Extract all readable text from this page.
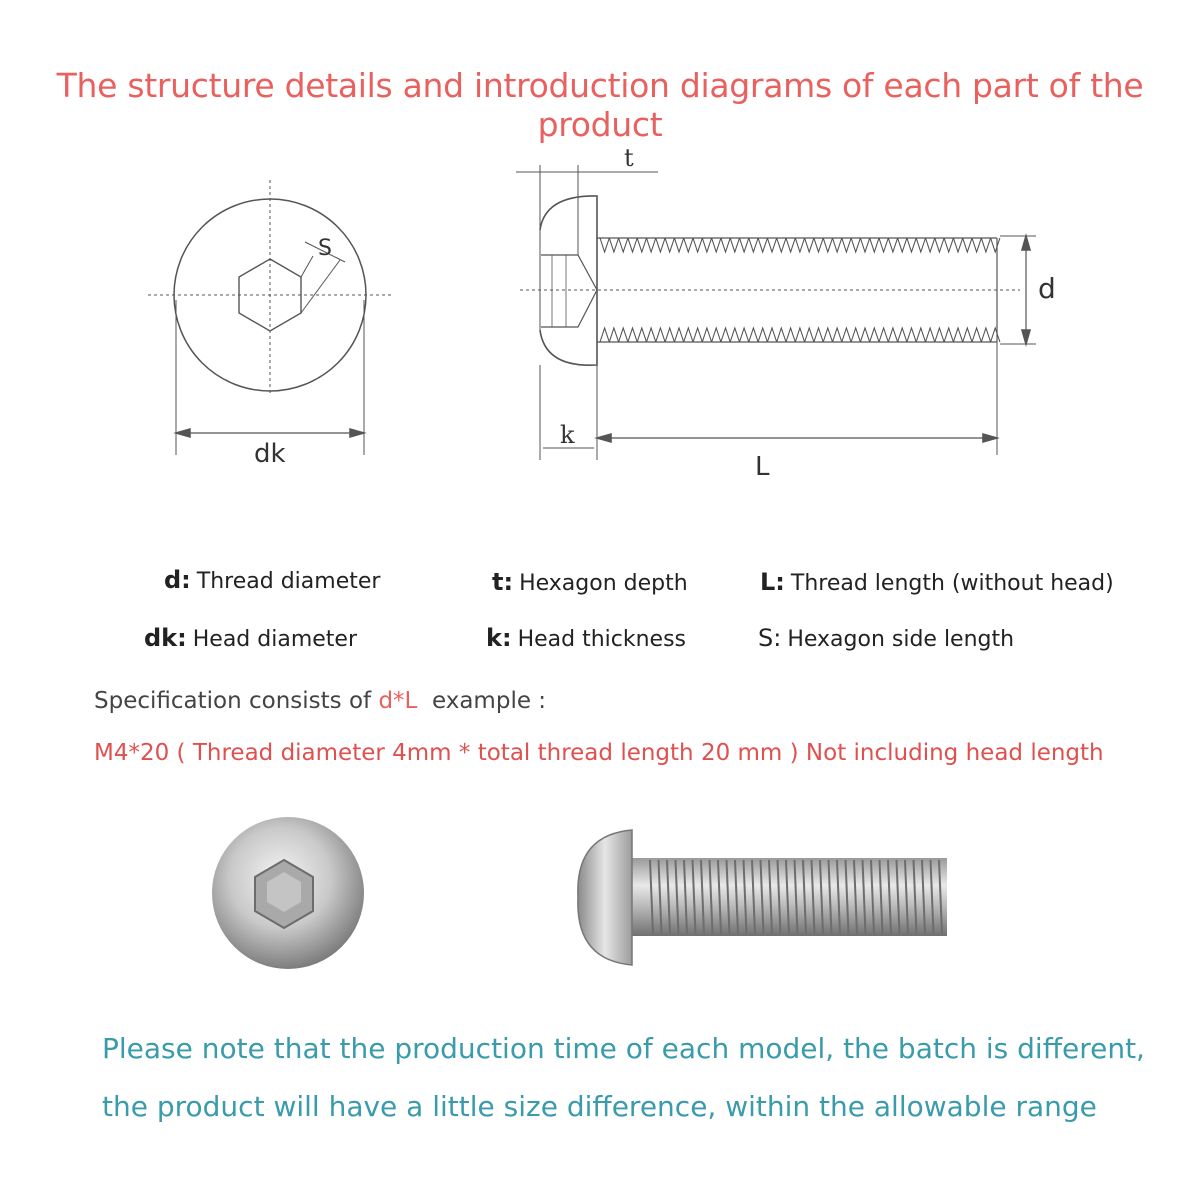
The structure details and introduction diagrams of each part of the product
S
dk
t
k
d
L
d: Thread diameter	t: Hexagon depth	L: Thread length (without head)
dk: Head diameter	k: Head thickness	S: Hexagon side length
Specification consists of d*L example :
M4*20 ( Thread diameter 4mm * total thread length 20 mm ) Not including head length
Please note that the production time of each model, the batch is different,
the product will have a little size difference, within the allowable range
